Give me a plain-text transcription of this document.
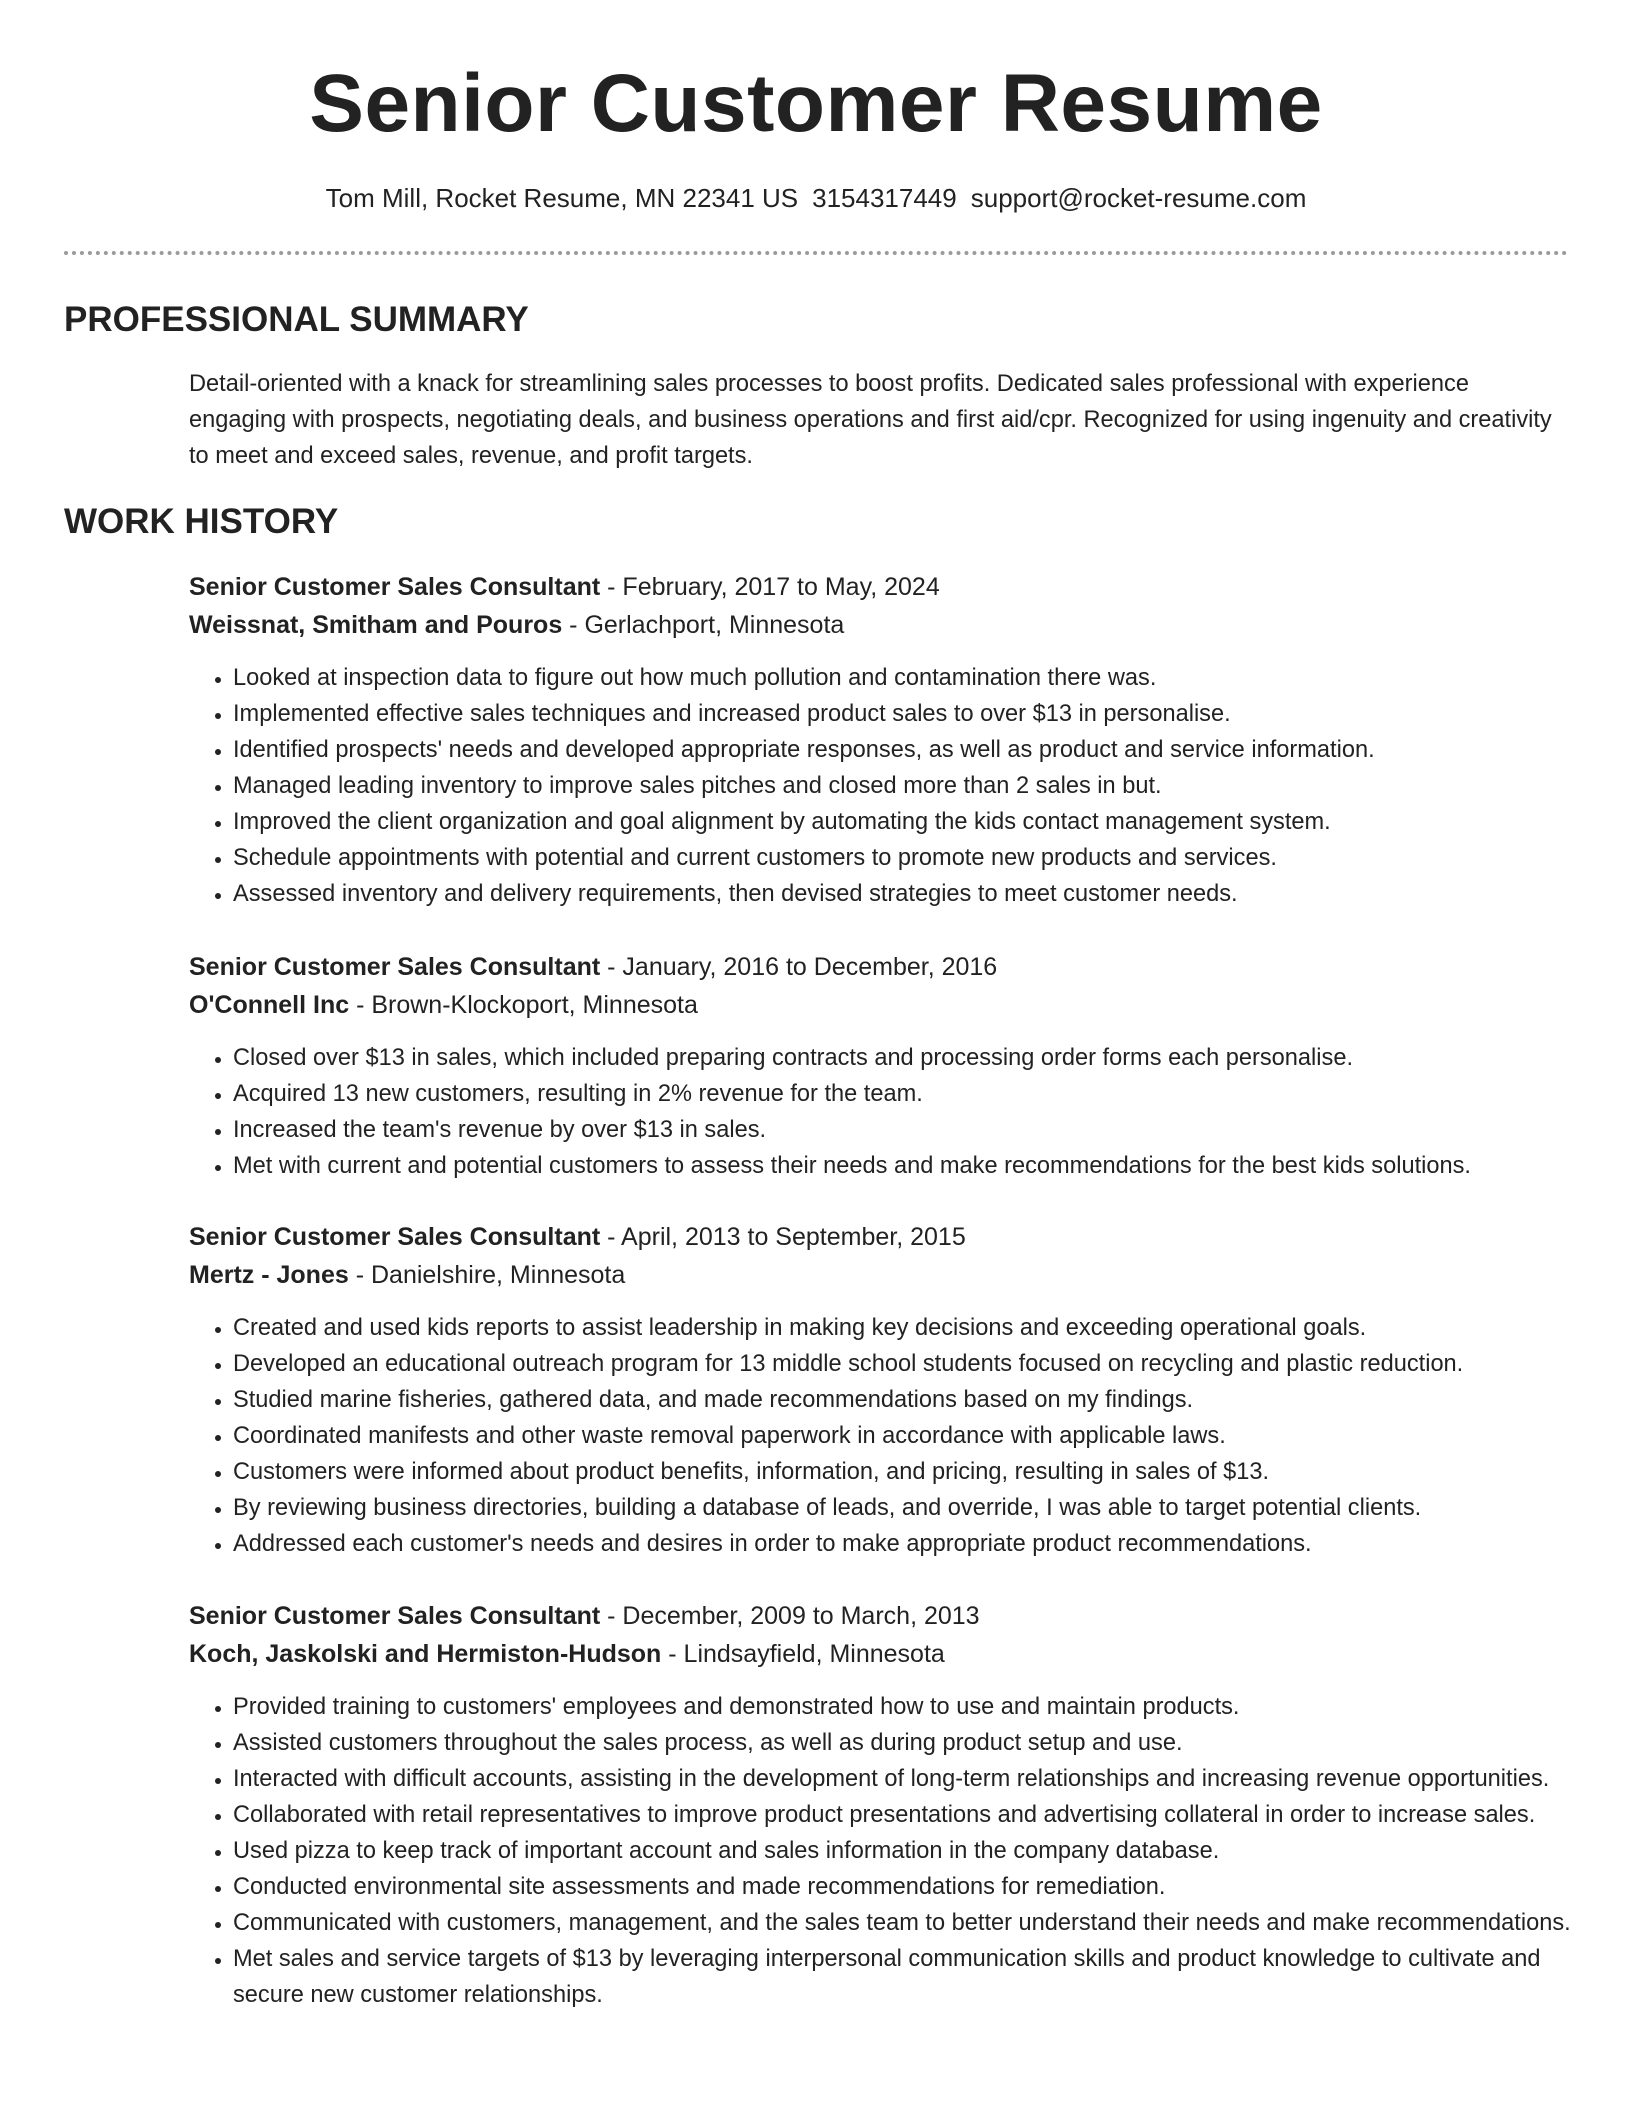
Senior Customer Resume
Tom Mill, Rocket Resume, MN 22341 US 3154317449 support@rocket-resume.com
PROFESSIONAL SUMMARY

Detail-oriented with a knack for streamlining sales processes to boost profits. Dedicated sales professional with experience engaging with prospects, negotiating deals, and business operations and first aid/cpr. Recognized for using ingenuity and creativity to meet and exceed sales, revenue, and profit targets.

WORK HISTORY
Senior Customer Sales Consultant - February, 2017 to May, 2024
Weissnat, Smitham and Pouros - Gerlachport, Minnesota
• Looked at inspection data to figure out how much pollution and contamination there was.
• Implemented effective sales techniques and increased product sales to over $13 in personalise.
• Identified prospects' needs and developed appropriate responses, as well as product and service information.
• Managed leading inventory to improve sales pitches and closed more than 2 sales in but.
• Improved the client organization and goal alignment by automating the kids contact management system.
• Schedule appointments with potential and current customers to promote new products and services.
• Assessed inventory and delivery requirements, then devised strategies to meet customer needs.
Senior Customer Sales Consultant - January, 2016 to December, 2016
O'Connell Inc - Brown-Klockoport, Minnesota
• Closed over $13 in sales, which included preparing contracts and processing order forms each personalise.
• Acquired 13 new customers, resulting in 2% revenue for the team.
• Increased the team's revenue by over $13 in sales.
• Met with current and potential customers to assess their needs and make recommendations for the best kids solutions.
Senior Customer Sales Consultant - April, 2013 to September, 2015
Mertz - Jones - Danielshire, Minnesota
• Created and used kids reports to assist leadership in making key decisions and exceeding operational goals.
• Developed an educational outreach program for 13 middle school students focused on recycling and plastic reduction.
• Studied marine fisheries, gathered data, and made recommendations based on my findings.
• Coordinated manifests and other waste removal paperwork in accordance with applicable laws.
• Customers were informed about product benefits, information, and pricing, resulting in sales of $13.
• By reviewing business directories, building a database of leads, and override, I was able to target potential clients.
• Addressed each customer's needs and desires in order to make appropriate product recommendations.
Senior Customer Sales Consultant - December, 2009 to March, 2013
Koch, Jaskolski and Hermiston-Hudson - Lindsayfield, Minnesota
• Provided training to customers' employees and demonstrated how to use and maintain products.
• Assisted customers throughout the sales process, as well as during product setup and use.
• Interacted with difficult accounts, assisting in the development of long-term relationships and increasing revenue opportunities.
• Collaborated with retail representatives to improve product presentations and advertising collateral in order to increase sales.
• Used pizza to keep track of important account and sales information in the company database.
• Conducted environmental site assessments and made recommendations for remediation.
• Communicated with customers, management, and the sales team to better understand their needs and make recommendations.
• Met sales and service targets of $13 by leveraging interpersonal communication skills and product knowledge to cultivate and secure new customer relationships.
